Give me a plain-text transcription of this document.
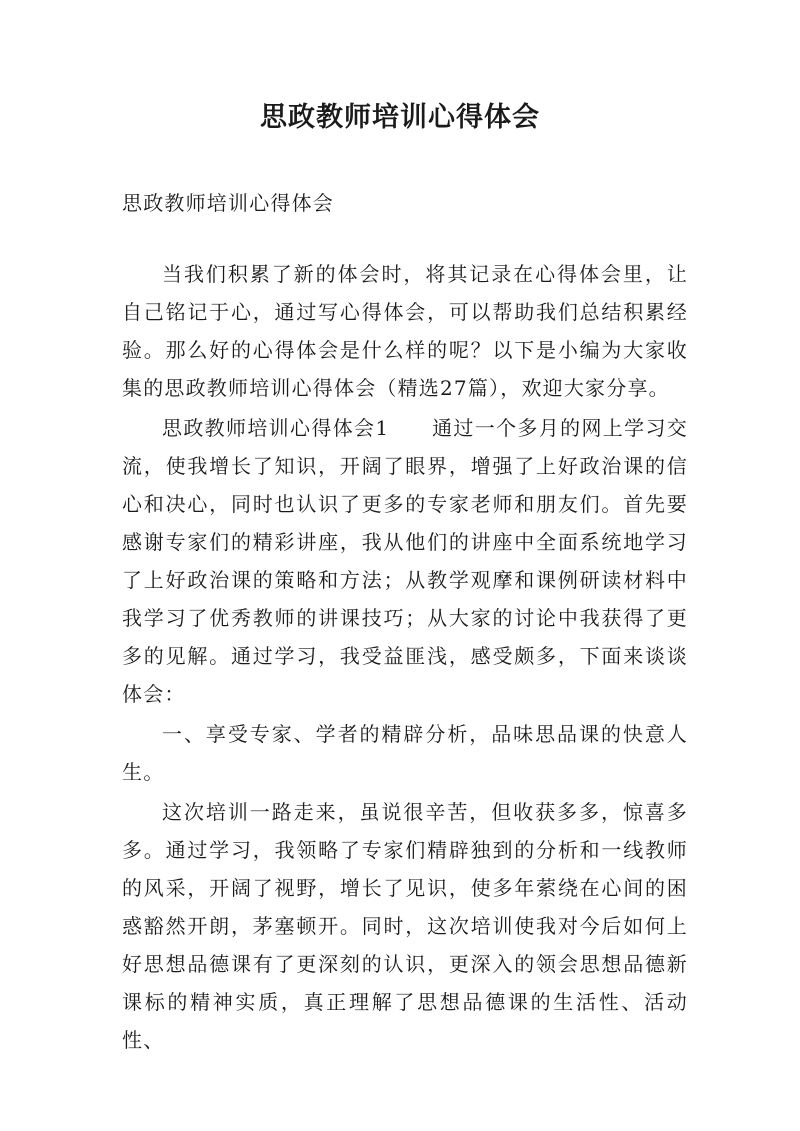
思政教师培训心得体会
思政教师培训心得体会

当我们积累了新的体会时，将其记录在心得体会里，让自己铭记于心，通过写心得体会，可以帮助我们总结积累经验。那么好的心得体会是什么样的呢？以下是小编为大家收集的思政教师培训心得体会（精选27篇），欢迎大家分享。

思政教师培训心得体会1　　通过一个多月的网上学习交流，使我增长了知识，开阔了眼界，增强了上好政治课的信心和决心，同时也认识了更多的专家老师和朋友们。首先要感谢专家们的精彩讲座，我从他们的讲座中全面系统地学习了上好政治课的策略和方法；从教学观摩和课例研读材料中我学习了优秀教师的讲课技巧；从大家的讨论中我获得了更多的见解。通过学习，我受益匪浅，感受颇多，下面来谈谈体会：

一、享受专家、学者的精辟分析，品味思品课的快意人生。

这次培训一路走来，虽说很辛苦，但收获多多，惊喜多多。通过学习，我领略了专家们精辟独到的分析和一线教师的风采，开阔了视野，增长了见识，使多年萦绕在心间的困惑豁然开朗，茅塞顿开。同时，这次培训使我对今后如何上好思想品德课有了更深刻的认识，更深入的领会思想品德新课标的精神实质，真正理解了思想品德课的生活性、活动性、
